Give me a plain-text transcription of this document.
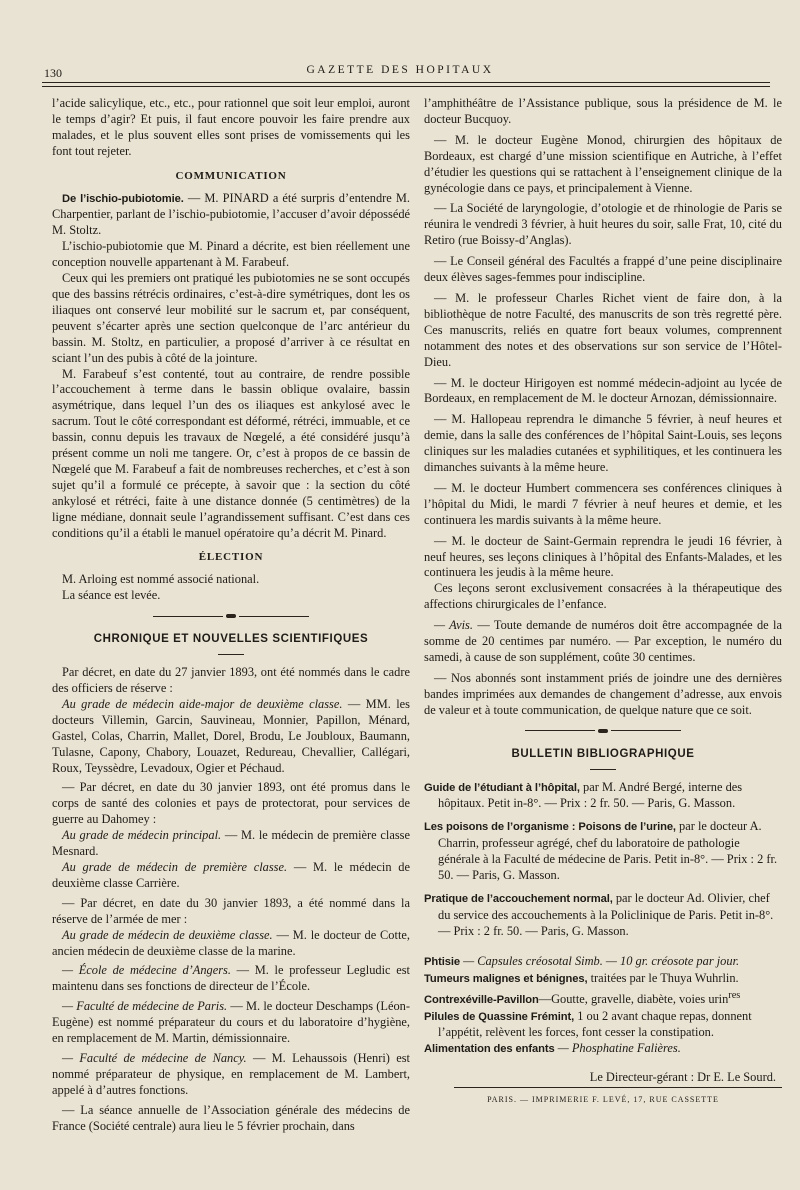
130	GAZETTE DES HOPITAUX

l’acide salicylique, etc., etc., pour rationnel que soit leur emploi, auront le temps d’agir? Et puis, il faut encore pouvoir les faire prendre aux malades, et le plus souvent elles sont prises de vomissements qui les font tout rejeter.

COMMUNICATION

De l’ischio-pubiotomie. — M. PINARD a été surpris d’entendre M. Charpentier, parlant de l’ischio-pubiotomie, l’accuser d’avoir dépossédé M. Stoltz.

L’ischio-pubiotomie que M. Pinard a décrite, est bien réellement une conception nouvelle appartenant à M. Farabeuf.

Ceux qui les premiers ont pratiqué les pubiotomies ne se sont occupés que des bassins rétrécis ordinaires, c’est-à-dire symétriques, dont les os iliaques ont conservé leur mobilité sur le sacrum et, par conséquent, peuvent s’écarter après une section quelconque de l’arc antérieur du bassin. M. Stoltz, en particulier, a proposé d’arriver à ce résultat en sciant l’un des pubis à côté de la jointure.

M. Farabeuf s’est contenté, tout au contraire, de rendre possible l’accouchement à terme dans le bassin oblique ovalaire, bassin asymétrique, dans lequel l’un des os iliaques est ankylosé avec le sacrum. Tout le côté correspondant est déformé, rétréci, immuable, et ce bassin, connu depuis les travaux de Nœgelé, a été considéré jusqu’à présent comme un noli me tangere. Or, c’est à propos de ce bassin de Nœgelé que M. Farabeuf a fait de nombreuses recherches, et c’est à son sujet qu’il a formulé ce précepte, à savoir que : la section du côté ankylosé et rétréci, faite à une distance donnée (5 centimètres) de la ligne médiane, donnait seule l’agrandissement suffisant. C’est dans ces conditions qu’il a établi le manuel opératoire qu’a décrit M. Pinard.

ÉLECTION

M. Arloing est nommé associé national.

La séance est levée.

CHRONIQUE ET NOUVELLES SCIENTIFIQUES

Par décret, en date du 27 janvier 1893, ont été nommés dans le cadre des officiers de réserve :

Au grade de médecin aide-major de deuxième classe. — MM. les docteurs Villemin, Garcin, Sauvineau, Monnier, Papillon, Ménard, Gastel, Colas, Charrin, Mallet, Dorel, Brodu, Le Joubloux, Baumann, Tulasne, Capony, Chabory, Louazet, Redureau, Chevallier, Callégari, Roux, Teyssèdre, Levadoux, Ogier et Péchaud.

— Par décret, en date du 30 janvier 1893, ont été promus dans le corps de santé des colonies et pays de protectorat, pour services de guerre au Dahomey :

Au grade de médecin principal. — M. le médecin de première classe Mesnard.

Au grade de médecin de première classe. — M. le médecin de deuxième classe Carrière.

— Par décret, en date du 30 janvier 1893, a été nommé dans la réserve de l’armée de mer :

Au grade de médecin de deuxième classe. — M. le docteur de Cotte, ancien médecin de deuxième classe de la marine.

— École de médecine d’Angers. — M. le professeur Legludic est maintenu dans ses fonctions de directeur de l’École.

— Faculté de médecine de Paris. — M. le docteur Deschamps (Léon-Eugène) est nommé préparateur du cours et du laboratoire d’hygiène, en remplacement de M. Martin, démissionnaire.

— Faculté de médecine de Nancy. — M. Lehaussois (Henri) est nommé préparateur de physique, en remplacement de M. Lambert, appelé à d’autres fonctions.

— La séance annuelle de l’Association générale des médecins de France (Société centrale) aura lieu le 5 février prochain, dans

l’amphithéâtre de l’Assistance publique, sous la présidence de M. le docteur Bucquoy.

— M. le docteur Eugène Monod, chirurgien des hôpitaux de Bordeaux, est chargé d’une mission scientifique en Autriche, à l’effet d’étudier les questions qui se rattachent à l’enseignement clinique de la gynécologie dans ce pays, et principalement à Vienne.

— La Société de laryngologie, d’otologie et de rhinologie de Paris se réunira le vendredi 3 février, à huit heures du soir, salle Frat, 10, cité du Retiro (rue Boissy-d’Anglas).

— Le Conseil général des Facultés a frappé d’une peine disciplinaire deux élèves sages-femmes pour indiscipline.

— M. le professeur Charles Richet vient de faire don, à la bibliothèque de notre Faculté, des manuscrits de son très regretté père. Ces manuscrits, reliés en quatre fort beaux volumes, comprennent notamment des notes et des observations sur son service de l’Hôtel-Dieu.

— M. le docteur Hirigoyen est nommé médecin-adjoint au lycée de Bordeaux, en remplacement de M. le docteur Arnozan, démissionnaire.

— M. Hallopeau reprendra le dimanche 5 février, à neuf heures et demie, dans la salle des conférences de l’hôpital Saint-Louis, ses leçons cliniques sur les maladies cutanées et syphilitiques, et les continuera les dimanches suivants à la même heure.

— M. le docteur Humbert commencera ses conférences cliniques à l’hôpital du Midi, le mardi 7 février à neuf heures et demie, et les continuera les mardis suivants à la même heure.

— M. le docteur de Saint-Germain reprendra le jeudi 16 février, à neuf heures, ses leçons cliniques à l’hôpital des Enfants-Malades, et les continuera les jeudis à la même heure.

Ces leçons seront exclusivement consacrées à la thérapeutique des affections chirurgicales de l’enfance.

— Avis. — Toute demande de numéros doit être accompagnée de la somme de 20 centimes par numéro. — Par exception, le numéro du samedi, à cause de son supplément, coûte 30 centimes.

— Nos abonnés sont instamment priés de joindre une des dernières bandes imprimées aux demandes de changement d’adresse, aux envois de valeur et à toute communication, de quelque nature que ce soit.

BULLETIN BIBLIOGRAPHIQUE

Guide de l’étudiant à l’hôpital, par M. André Bergé, interne des hôpitaux. Petit in-8°. — Prix : 2 fr. 50. — Paris, G. Masson.

Les poisons de l’organisme : Poisons de l’urine, par le docteur A. Charrin, professeur agrégé, chef du laboratoire de pathologie générale à la Faculté de médecine de Paris. Petit in-8°. — Prix : 2 fr. 50. — Paris, G. Masson.

Pratique de l’accouchement normal, par le docteur Ad. Olivier, chef du service des accouchements à la Policlinique de Paris. Petit in-8°. — Prix : 2 fr. 50. — Paris, G. Masson.

Phtisie — Capsules créosotal Simb. — 10 gr. créosote par jour.

Tumeurs malignes et bénignes, traitées par le Thuya Wuhrlin.

Contrexéville-Pavillon—Goutte, gravelle, diabète, voies urin$^{res}$

Pilules de Quassine Frémint, 1 ou 2 avant chaque repas, donnent l’appétit, relèvent les forces, font cesser la constipation.

Alimentation des enfants — Phosphatine Falières.

Le Directeur-gérant : Dr E. Le Sourd.
PARIS. — IMPRIMERIE F. LEVÉ, 17, RUE CASSETTE
